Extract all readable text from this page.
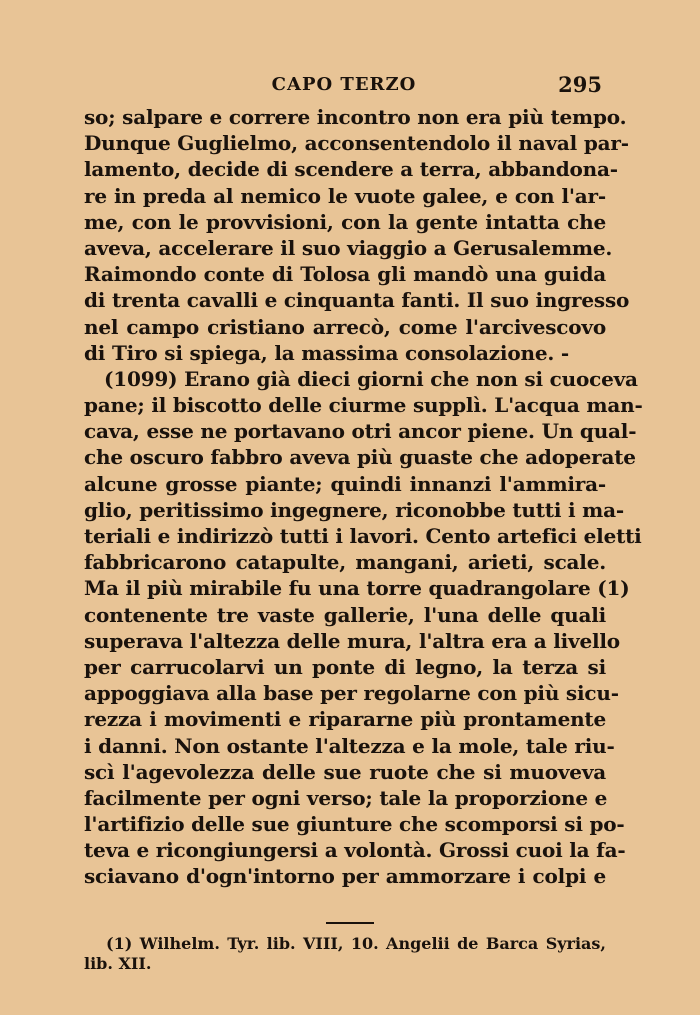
CAPO TERZO	295
so; salpare e correre incontro non era più tempo.
Dunque Guglielmo, acconsentendolo il naval par-
lamento, decide di scendere a terra, abbandona-
re in preda al nemico le vuote galee, e con l'ar-
me, con le provvisioni, con la gente intatta che
aveva, accelerare il suo viaggio a Gerusalemme.
Raimondo conte di Tolosa gli mandò una guida
di trenta cavalli e cinquanta fanti. Il suo ingresso
nel campo cristiano arrecò, come l'arcivescovo
di Tiro si spiega, la massima consolazione. -
(1099) Erano già dieci giorni che non si cuoceva
pane; il biscotto delle ciurme supplì. L'acqua man-
cava, esse ne portavano otri ancor piene. Un qual-
che oscuro fabbro aveva più guaste che adoperate
alcune grosse piante; quindi innanzi l'ammira-
glio, peritissimo ingegnere, riconobbe tutti i ma-
teriali e indirizzò tutti i lavori. Cento artefici eletti
fabbricarono catapulte, mangani, arieti, scale.
Ma il più mirabile fu una torre quadrangolare (1)
contenente tre vaste gallerie, l'una delle quali
superava l'altezza delle mura, l'altra era a livello
per carrucolarvi un ponte di legno, la terza si
appoggiava alla base per regolarne con più sicu-
rezza i movimenti e ripararne più prontamente
i danni. Non ostante l'altezza e la mole, tale riu-
scì l'agevolezza delle sue ruote che si muoveva
facilmente per ogni verso; tale la proporzione e
l'artifizio delle sue giunture che scomporsi si po-
teva e ricongiungersi a volontà. Grossi cuoi la fa-
sciavano d'ogn'intorno per ammorzare i colpi e
(1) Wilhelm. Tyr. lib. VIII, 10. Angelii de Barca Syrias,
lib. XII.
